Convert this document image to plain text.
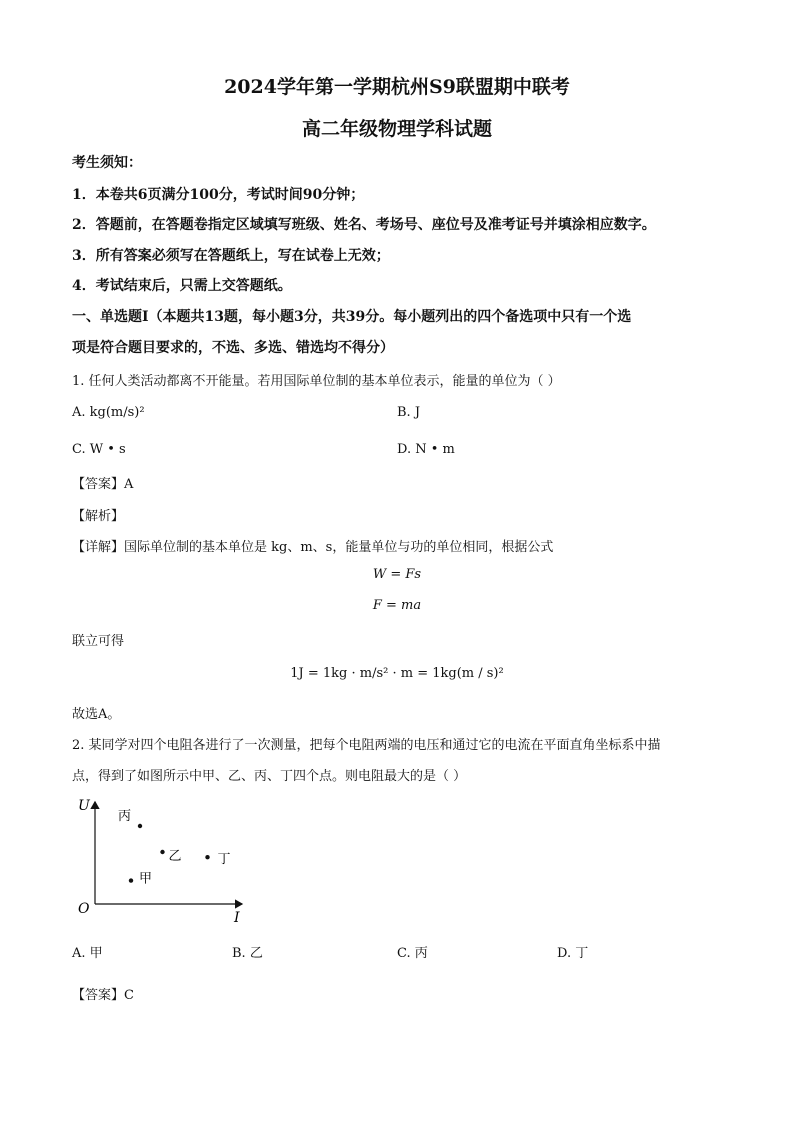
2024学年第一学期杭州S9联盟期中联考
高二年级物理学科试题
考生须知：
1．本卷共6页满分100分，考试时间90分钟；
2．答题前，在答题卷指定区域填写班级、姓名、考场号、座位号及准考证号并填涂相应数字。
3．所有答案必须写在答题纸上，写在试卷上无效；
4．考试结束后，只需上交答题纸。
一、单选题Ⅰ（本题共13题，每小题3分，共39分。每小题列出的四个备选项中只有一个选
项是符合题目要求的，不选、多选、错选均不得分）
1. 任何人类活动都离不开能量。若用国际单位制的基本单位表示，能量的单位为（ ）
A. kg(m/s)²	B. J
C. W • s	D. N • m
【答案】A
【解析】
【详解】国际单位制的基本单位是 kg、m、s，能量单位与功的单位相同，根据公式
W = Fs
F = ma
联立可得
1J = 1kg · m/s² · m = 1kg(m / s)²
故选A。
2. 某同学对四个电阻各进行了一次测量，把每个电阻两端的电压和通过它的电流在平面直角坐标系中描
点，得到了如图所示中甲、乙、丙、丁四个点。则电阻最大的是（ ）
U
I
O
丙
乙	丁
甲
A. 甲	B. 乙	C. 丙	D. 丁
【答案】C
